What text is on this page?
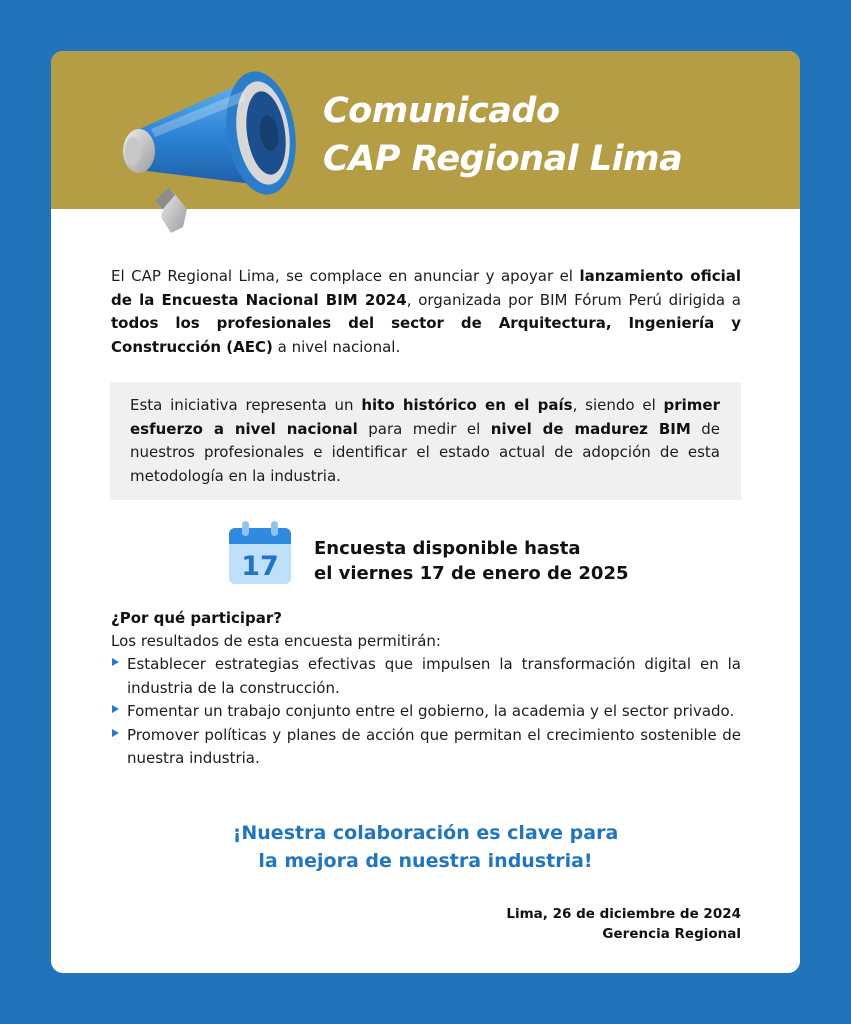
Comunicado
CAP Regional Lima

El CAP Regional Lima, se complace en anunciar y apoyar el lanzamiento oficial de la Encuesta Nacional BIM 2024, organizada por BIM Fórum Perú dirigida a todos los profesionales del sector de Arquitectura, Ingeniería y Construcción (AEC) a nivel nacional.

Esta iniciativa representa un hito histórico en el país, siendo el primer esfuerzo a nivel nacional para medir el nivel de madurez BIM de nuestros profesionales e identificar el estado actual de adopción de esta metodología en la industria.

17
Encuesta disponible hasta
el viernes 17 de enero de 2025
¿Por qué participar?
Los resultados de esta encuesta permitirán:
Establecer estrategias efectivas que impulsen la transformación digital en la industria de la construcción.
Fomentar un trabajo conjunto entre el gobierno, la academia y el sector privado.
Promover políticas y planes de acción que permitan el crecimiento sostenible de nuestra industria.
¡Nuestra colaboración es clave para
la mejora de nuestra industria!
Lima, 26 de diciembre de 2024
Gerencia Regional
